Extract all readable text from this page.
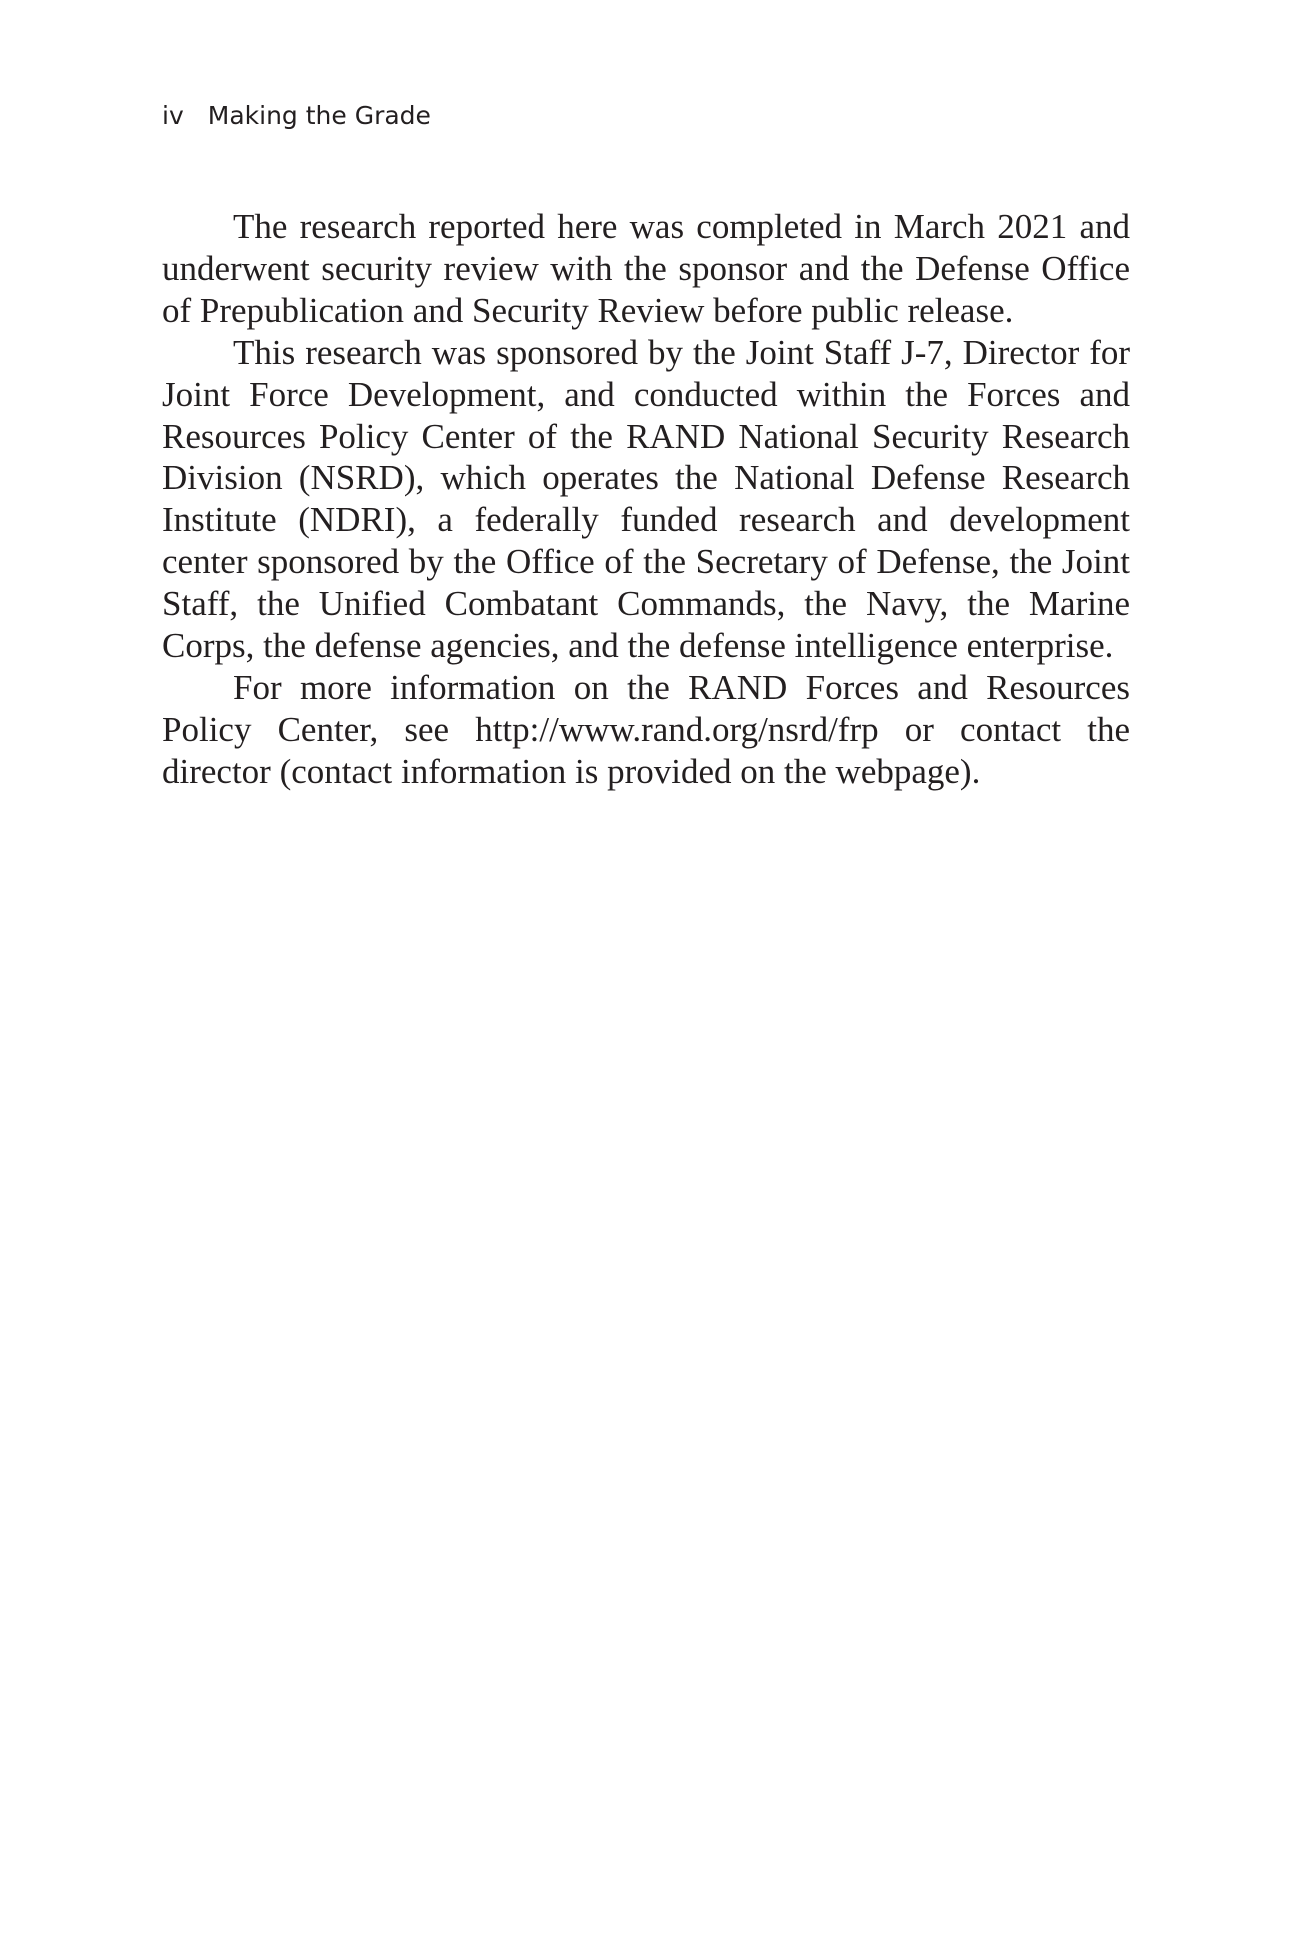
iv Making the Grade

The research reported here was completed in March 2021 and underwent security review with the sponsor and the Defense Office of Prepublication and Security Review before public release.

This research was sponsored by the Joint Staff J-7, Director for Joint Force Development, and conducted within the Forces and Resources Policy Center of the RAND National Security Research Division (NSRD), which operates the National Defense Research Institute (NDRI), a federally funded research and development center sponsored by the Office of the Secretary of Defense, the Joint Staff, the Unified Combatant Commands, the Navy, the Marine Corps, the defense agencies, and the defense intelligence enterprise.

For more information on the RAND Forces and Resources Policy Center, see http://www.rand.org/nsrd/frp or contact the director (contact information is provided on the webpage).
